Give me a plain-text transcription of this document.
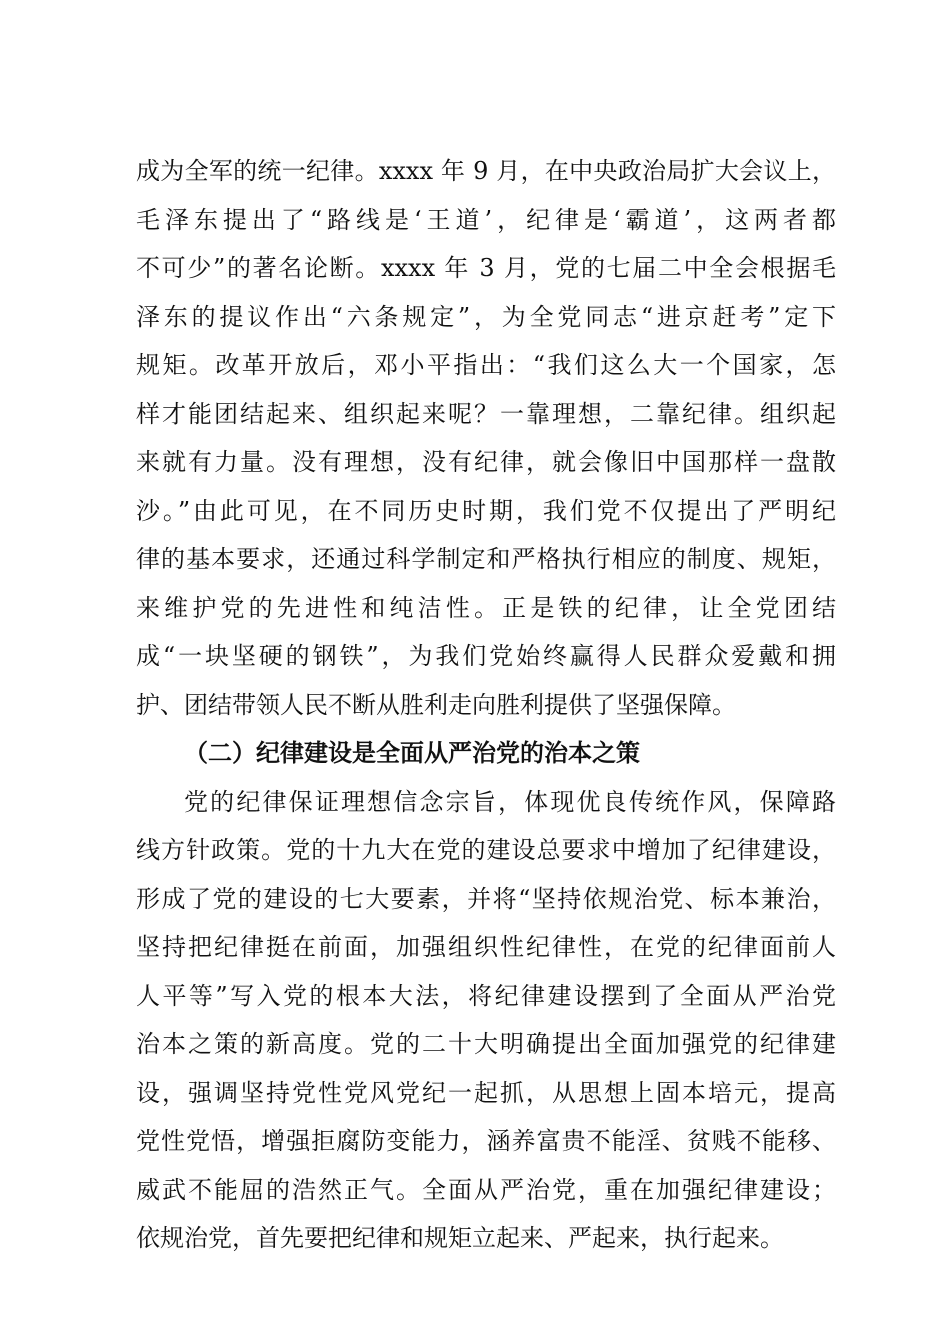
成为全军的统一纪律。xxxx 年 9 月，在中央政治局扩大会议上，
毛泽东提出了“路线是‘王道’，纪律是‘霸道’，这两者都
不可少”的著名论断。xxxx 年 3 月，党的七届二中全会根据毛
泽东的提议作出“六条规定”，为全党同志“进京赶考”定下
规矩。改革开放后，邓小平指出：“我们这么大一个国家，怎
样才能团结起来、组织起来呢？一靠理想，二靠纪律。组织起
来就有力量。没有理想，没有纪律，就会像旧中国那样一盘散
沙。”由此可见，在不同历史时期，我们党不仅提出了严明纪
律的基本要求，还通过科学制定和严格执行相应的制度、规矩，
来维护党的先进性和纯洁性。正是铁的纪律，让全党团结
成“一块坚硬的钢铁”，为我们党始终赢得人民群众爱戴和拥
护、团结带领人民不断从胜利走向胜利提供了坚强保障。
（二）纪律建设是全面从严治党的治本之策
党的纪律保证理想信念宗旨，体现优良传统作风，保障路
线方针政策。党的十九大在党的建设总要求中增加了纪律建设，
形成了党的建设的七大要素，并将“坚持依规治党、标本兼治，
坚持把纪律挺在前面，加强组织性纪律性，在党的纪律面前人
人平等”写入党的根本大法，将纪律建设摆到了全面从严治党
治本之策的新高度。党的二十大明确提出全面加强党的纪律建
设，强调坚持党性党风党纪一起抓，从思想上固本培元，提高
党性党悟，增强拒腐防变能力，涵养富贵不能淫、贫贱不能移、
威武不能屈的浩然正气。全面从严治党，重在加强纪律建设；
依规治党，首先要把纪律和规矩立起来、严起来，执行起来。
